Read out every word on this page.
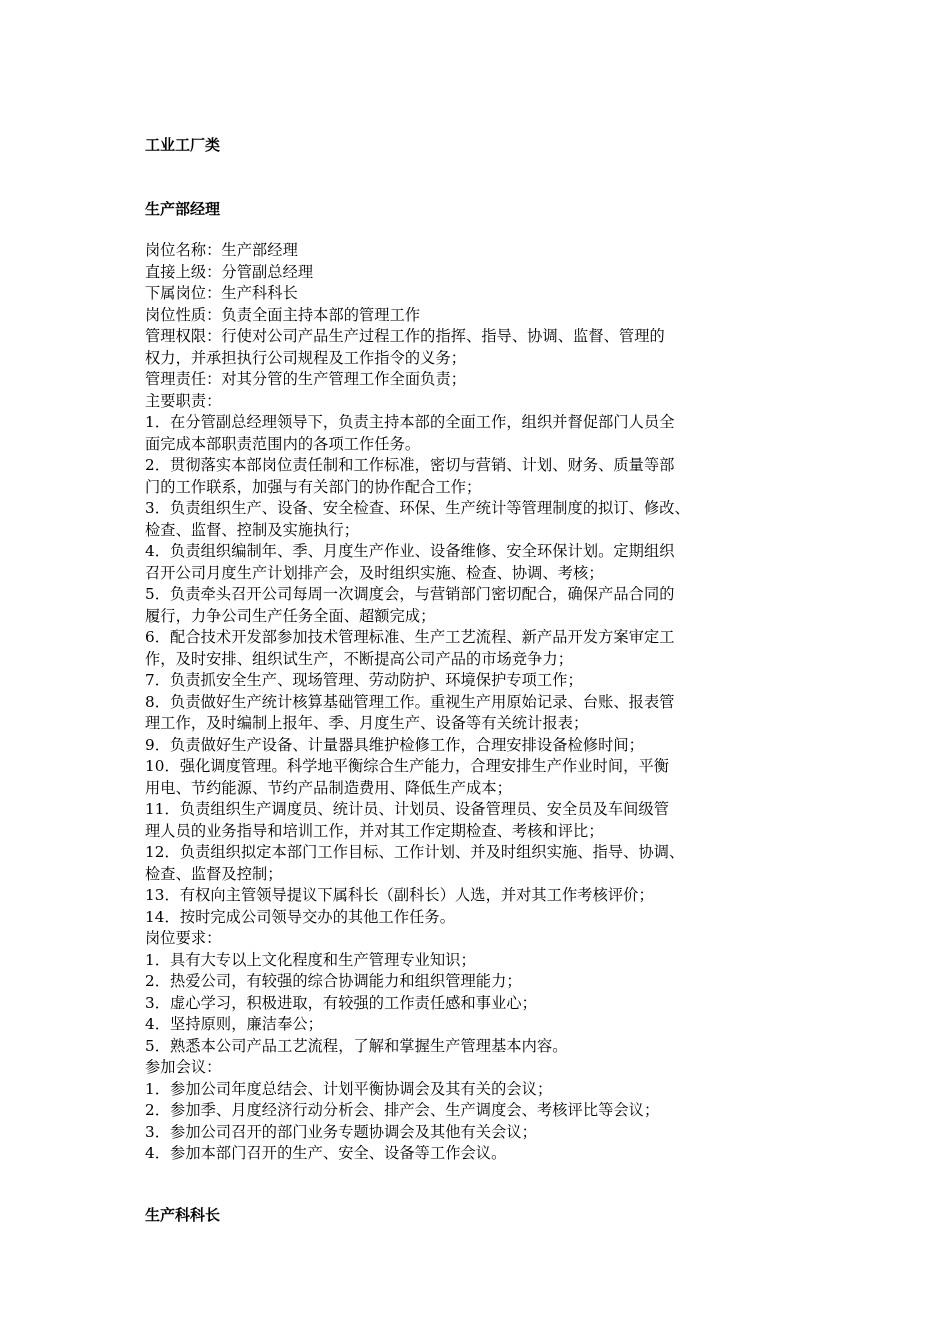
工业工厂类
生产部经理
岗位名称：生产部经理
直接上级：分管副总经理
下属岗位：生产科科长
岗位性质：负责全面主持本部的管理工作
管理权限：行使对公司产品生产过程工作的指挥、指导、协调、监督、管理的
权力，并承担执行公司规程及工作指令的义务；
管理责任：对其分管的生产管理工作全面负责；
主要职责：
1．在分管副总经理领导下，负责主持本部的全面工作，组织并督促部门人员全
面完成本部职责范围内的各项工作任务。
2．贯彻落实本部岗位责任制和工作标准，密切与营销、计划、财务、质量等部
门的工作联系，加强与有关部门的协作配合工作；
3．负责组织生产、设备、安全检查、环保、生产统计等管理制度的拟订、修改、
检查、监督、控制及实施执行；
4．负责组织编制年、季、月度生产作业、设备维修、安全环保计划。定期组织
召开公司月度生产计划排产会，及时组织实施、检查、协调、考核；
5．负责牵头召开公司每周一次调度会，与营销部门密切配合，确保产品合同的
履行，力争公司生产任务全面、超额完成；
6．配合技术开发部参加技术管理标准、生产工艺流程、新产品开发方案审定工
作，及时安排、组织试生产，不断提高公司产品的市场竞争力；
7．负责抓安全生产、现场管理、劳动防护、环境保护专项工作；
8．负责做好生产统计核算基础管理工作。重视生产用原始记录、台账、报表管
理工作，及时编制上报年、季、月度生产、设备等有关统计报表；
9．负责做好生产设备、计量器具维护检修工作，合理安排设备检修时间；
10．强化调度管理。科学地平衡综合生产能力，合理安排生产作业时间，平衡
用电、节约能源、节约产品制造费用、降低生产成本；
11．负责组织生产调度员、统计员、计划员、设备管理员、安全员及车间级管
理人员的业务指导和培训工作，并对其工作定期检查、考核和评比；
12．负责组织拟定本部门工作目标、工作计划、并及时组织实施、指导、协调、
检查、监督及控制；
13．有权向主管领导提议下属科长（副科长）人选，并对其工作考核评价；
14．按时完成公司领导交办的其他工作任务。
岗位要求：
1．具有大专以上文化程度和生产管理专业知识；
2．热爱公司，有较强的综合协调能力和组织管理能力；
3．虚心学习，积极进取，有较强的工作责任感和事业心；
4．坚持原则，廉洁奉公；
5．熟悉本公司产品工艺流程，了解和掌握生产管理基本内容。
参加会议：
1．参加公司年度总结会、计划平衡协调会及其有关的会议；
2．参加季、月度经济行动分析会、排产会、生产调度会、考核评比等会议；
3．参加公司召开的部门业务专题协调会及其他有关会议；
4．参加本部门召开的生产、安全、设备等工作会议。
生产科科长
